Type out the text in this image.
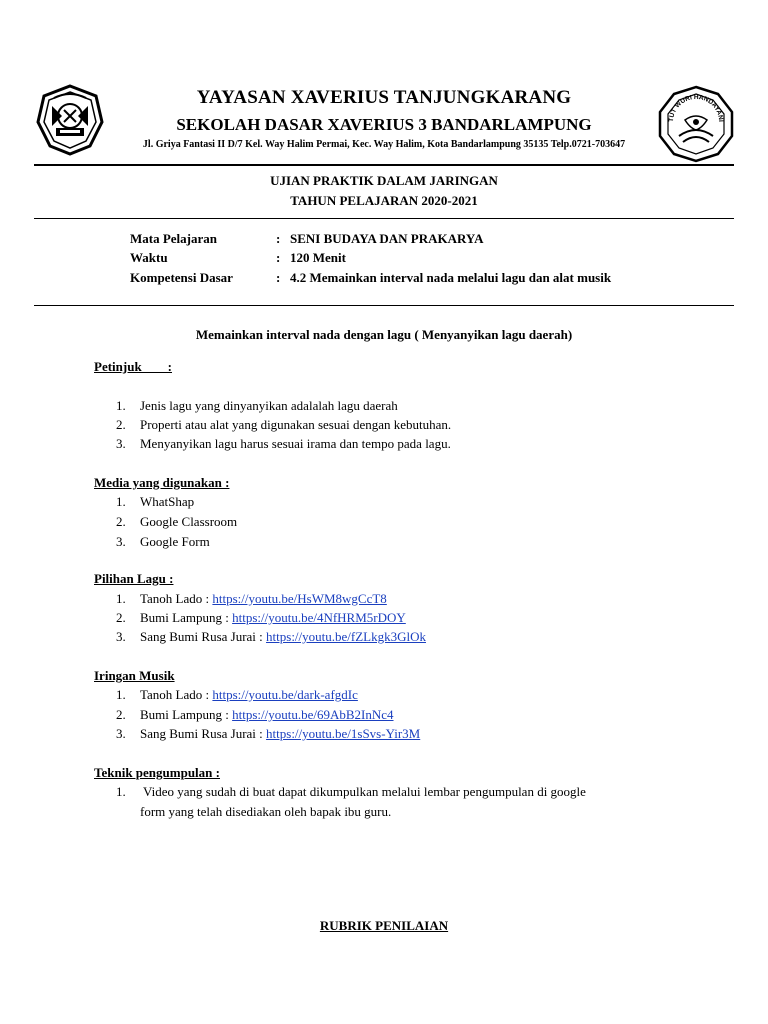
TUT WURI HANDAYANI
YAYASAN XAVERIUS TANJUNGKARANG
SEKOLAH DASAR XAVERIUS 3 BANDARLAMPUNG
Jl. Griya Fantasi II D/7 Kel. Way Halim Permai, Kec. Way Halim, Kota Bandarlampung 35135 Telp.0721-703647
UJIAN PRAKTIK DALAM JARINGAN
TAHUN PELAJARAN 2020-2021
Mata Pelajaran	: SENI BUDAYA DAN PRAKARYA
Waktu	: 120 Menit
Kompetensi Dasar	: 4.2 Memainkan interval nada melalui lagu dan alat musik
Memainkan interval nada dengan lagu ( Menyanyikan lagu daerah)
Petinjuk        :
1. Jenis lagu yang dinyanyikan adalalah lagu daerah
2. Properti atau alat yang digunakan sesuai dengan kebutuhan.
3. Menyanyikan lagu harus sesuai irama dan tempo pada lagu.
Media yang digunakan :
1. WhatShap
2. Google Classroom
3. Google Form
Pilihan Lagu :
1. Tanoh Lado : https://youtu.be/HsWM8wgCcT8
2. Bumi Lampung : https://youtu.be/4NfHRM5rDOY
3. Sang Bumi Rusa Jurai : https://youtu.be/fZLkgk3GlOk
Iringan Musik
1. Tanoh Lado : https://youtu.be/dark-afgdIc
2. Bumi Lampung : https://youtu.be/69AbB2InNc4
3. Sang Bumi Rusa Jurai : https://youtu.be/1sSvs-Yir3M
Teknik pengumpulan :
1. Video yang sudah di buat dapat dikumpulkan melalui lembar pengumpulan di google
form yang telah disediakan oleh bapak ibu guru.
RUBRIK PENILAIAN
